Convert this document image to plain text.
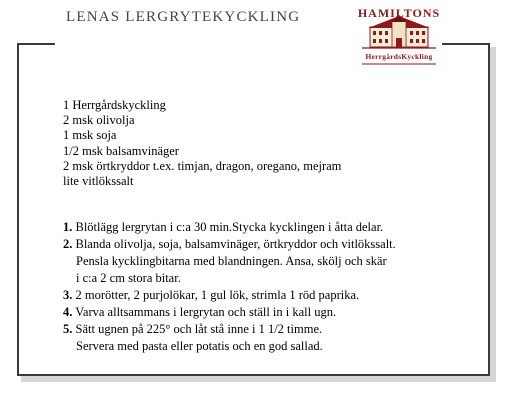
LENAS LERGRYTEKYCKLING	HAMILTONS
HerrgårdsKyckling
1 Herrgårdskyckling
2 msk olivolja
1 msk soja
1/2 msk balsamvinäger
2 msk örtkryddor t.ex. timjan, dragon, oregano, mejram
lite vitlökssalt
1. Blötlägg lergrytan i c:a 30 min.Stycka kycklingen i åtta delar.
2. Blanda olivolja, soja, balsamvinäger, örtkryddor och vitlökssalt.
Pensla kycklingbitarna med blandningen. Ansa, skölj och skär
i c:a 2 cm stora bitar.
3. 2 morötter, 2 purjolökar, 1 gul lök, strimla 1 röd paprika.
4. Varva alltsammans i lergrytan och ställ in i kall ugn.
5. Sätt ugnen på 225° och låt stå inne i 1 1/2 timme.
Servera med pasta eller potatis och en god sallad.
